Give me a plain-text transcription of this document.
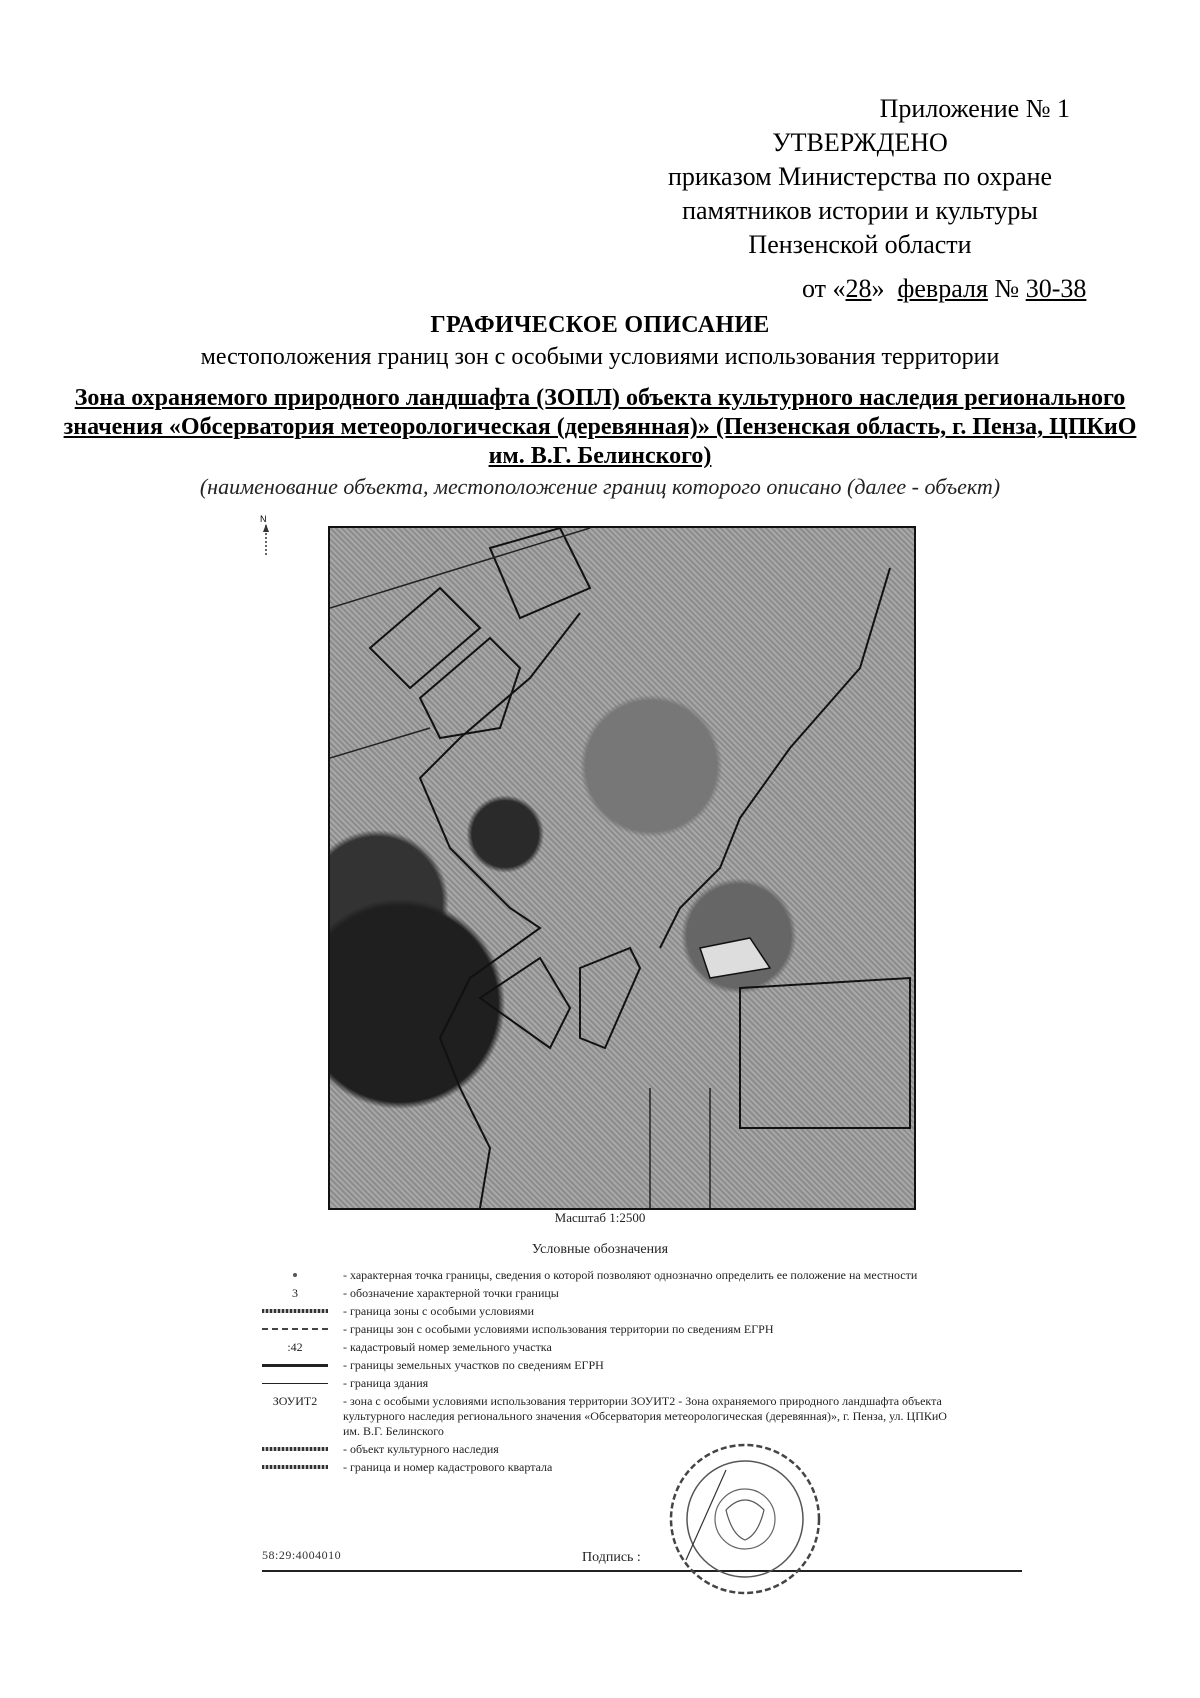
Приложение № 1
УТВЕРЖДЕНО
приказом Министерства по охране
памятников истории и культуры
Пензенской области
от «28» февраля № 30-38
ГРАФИЧЕСКОЕ ОПИСАНИЕ
местоположения границ зон с особыми условиями использования территории
Зона охраняемого природного ландшафта (ЗОПЛ) объекта культурного наследия регионального значения «Обсерватория метеорологическая (деревянная)» (Пензенская область, г. Пенза, ЦПКиО им. В.Г. Белинского)
(наименование объекта, местоположение границ которого описано (далее - объект)
N
Масштаб 1:2500
Условные обозначения
- характерная точка границы, сведения о которой позволяют однозначно определить ее положение на местности
3	- обозначение характерной точки границы
- граница зоны с особыми условиями
- границы зон с особыми условиями использования территории по сведениям ЕГРН
:42	- кадастровый номер земельного участка
- границы земельных участков по сведениям ЕГРН
- граница здания
ЗОУИТ2	- зона с особыми условиями использования территории ЗОУИТ2 - Зона охраняемого природного ландшафта объекта культурного наследия регионального значения «Обсерватория метеорологическая (деревянная)», г. Пенза, ул. ЦПКиО им. В.Г. Белинского
- объект культурного наследия
- граница и номер кадастрового квартала
58:29:4004010	Подпись :
